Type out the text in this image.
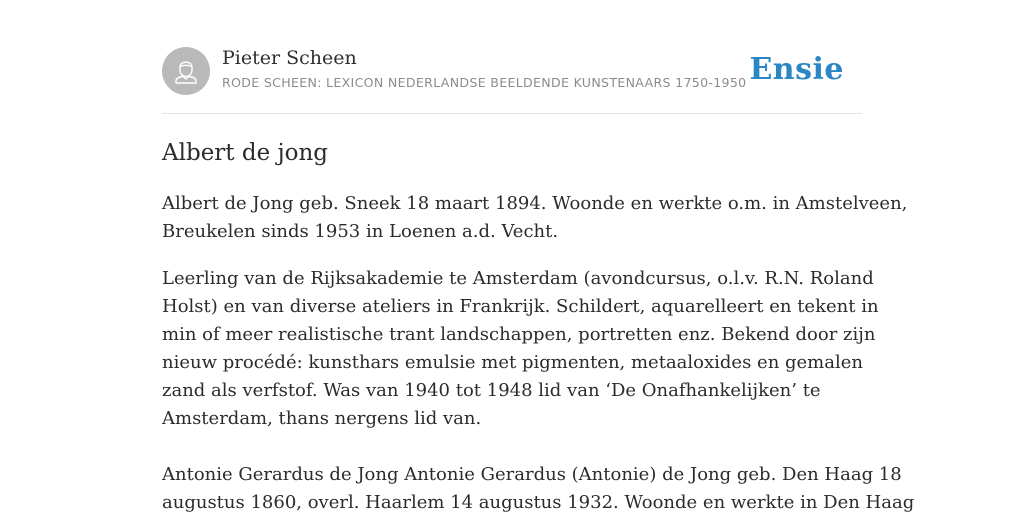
Pieter Scheen
RODE SCHEEN: LEXICON NEDERLANDSE BEELDENDE KUNSTENAARS 1750-1950 Ensie
Albert de jong

Albert de Jong geb. Sneek 18 maart 1894. Woonde en werkte o.m. in Amstelveen,
Breukelen sinds 1953 in Loenen a.d. Vecht.

Leerling van de Rijksakademie te Amsterdam (avondcursus, o.l.v. R.N. Roland
Holst) en van diverse ateliers in Frankrijk. Schildert, aquarelleert en tekent in
min of meer realistische trant landschappen, portretten enz. Bekend door zijn
nieuw procédé: kunsthars emulsie met pigmenten, metaaloxides en gemalen
zand als verfstof. Was van 1940 tot 1948 lid van ‘De Onafhankelijken’ te
Amsterdam, thans nergens lid van.

Antonie Gerardus de Jong Antonie Gerardus (Antonie) de Jong geb. Den Haag 18
augustus 1860, overl. Haarlem 14 augustus 1932. Woonde en werkte in Den Haag
